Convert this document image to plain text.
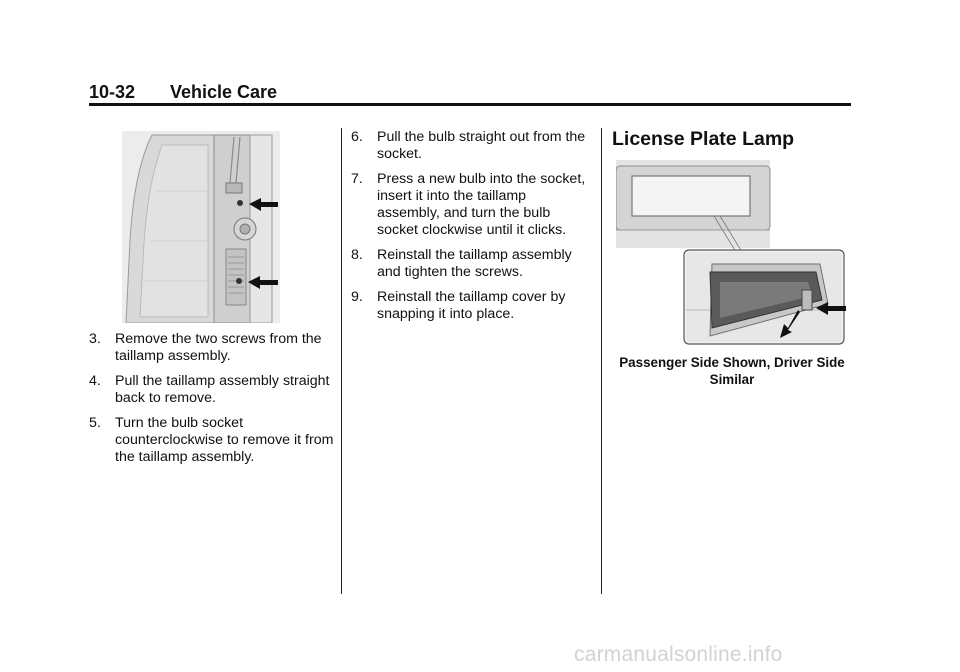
10-32 Vehicle Care
3. Remove the two screws from the taillamp assembly.
4. Pull the taillamp assembly straight back to remove.
5. Turn the bulb socket counterclockwise to remove it from the taillamp assembly.
6. Pull the bulb straight out from the socket.
7. Press a new bulb into the socket, insert it into the taillamp assembly, and turn the bulb socket clockwise until it clicks.
8. Reinstall the taillamp assembly and tighten the screws.
9. Reinstall the taillamp cover by snapping it into place.
License Plate Lamp
Passenger Side Shown, Driver Side Similar
carmanualsonline.info
